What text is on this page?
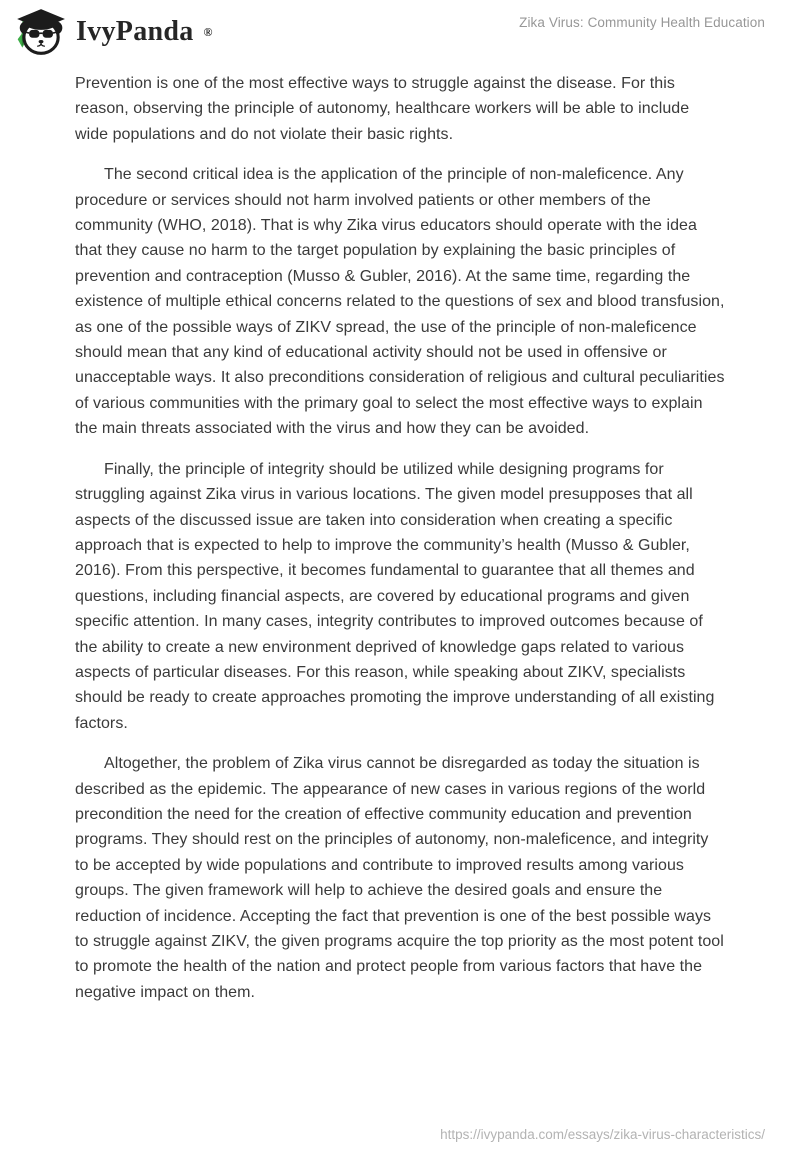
IvyPanda ®
Zika Virus: Community Health Education

Prevention is one of the most effective ways to struggle against the disease. For this reason, observing the principle of autonomy, healthcare workers will be able to include wide populations and do not violate their basic rights.

The second critical idea is the application of the principle of non-maleficence. Any procedure or services should not harm involved patients or other members of the community (WHO, 2018). That is why Zika virus educators should operate with the idea that they cause no harm to the target population by explaining the basic principles of prevention and contraception (Musso & Gubler, 2016). At the same time, regarding the existence of multiple ethical concerns related to the questions of sex and blood transfusion, as one of the possible ways of ZIKV spread, the use of the principle of non-maleficence should mean that any kind of educational activity should not be used in offensive or unacceptable ways. It also preconditions consideration of religious and cultural peculiarities of various communities with the primary goal to select the most effective ways to explain the main threats associated with the virus and how they can be avoided.

Finally, the principle of integrity should be utilized while designing programs for struggling against Zika virus in various locations. The given model presupposes that all aspects of the discussed issue are taken into consideration when creating a specific approach that is expected to help to improve the community’s health (Musso & Gubler, 2016). From this perspective, it becomes fundamental to guarantee that all themes and questions, including financial aspects, are covered by educational programs and given specific attention. In many cases, integrity contributes to improved outcomes because of the ability to create a new environment deprived of knowledge gaps related to various aspects of particular diseases. For this reason, while speaking about ZIKV, specialists should be ready to create approaches promoting the improve understanding of all existing factors.

Altogether, the problem of Zika virus cannot be disregarded as today the situation is described as the epidemic. The appearance of new cases in various regions of the world precondition the need for the creation of effective community education and prevention programs. They should rest on the principles of autonomy, non-maleficence, and integrity to be accepted by wide populations and contribute to improved results among various groups. The given framework will help to achieve the desired goals and ensure the reduction of incidence. Accepting the fact that prevention is one of the best possible ways to struggle against ZIKV, the given programs acquire the top priority as the most potent tool to promote the health of the nation and protect people from various factors that have the negative impact on them.

https://ivypanda.com/essays/zika-virus-characteristics/
